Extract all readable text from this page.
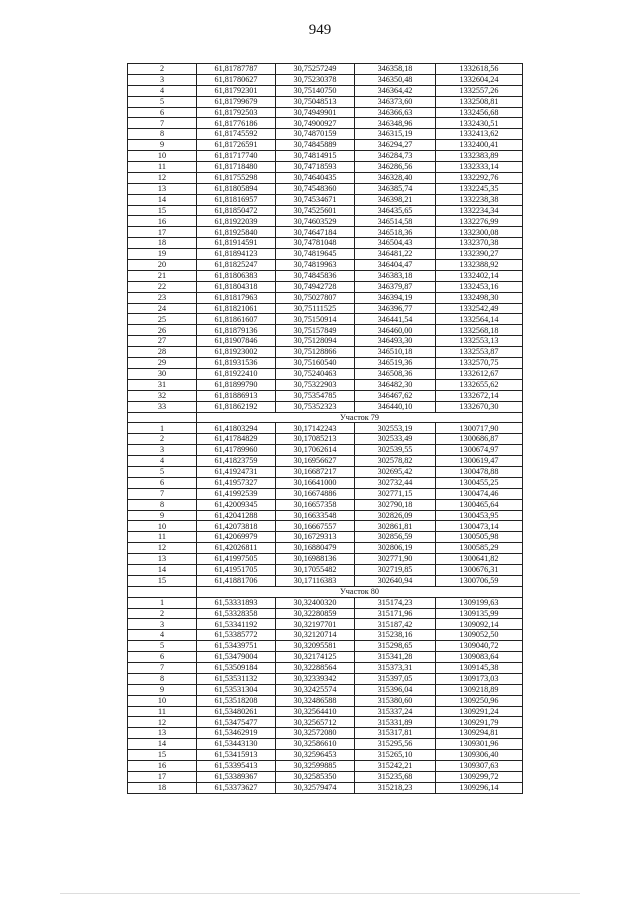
949
2	61,81787787	30,75257249	346358,18	1332618,56
3	61,81780627	30,75230378	346350,48	1332604,24
4	61,81792301	30,75140750	346364,42	1332557,26
5	61,81799679	30,75048513	346373,60	1332508,81
6	61,81792503	30,74949901	346366,63	1332456,68
7	61,81776186	30,74900927	346348,96	1332430,51
8	61,81745592	30,74870159	346315,19	1332413,62
9	61,81726591	30,74845889	346294,27	1332400,41
10	61,81717740	30,74814915	346284,73	1332383,89
11	61,81718480	30,74718593	346286,56	1332333,14
12	61,81755298	30,74640435	346328,40	1332292,76
13	61,81805894	30,74548360	346385,74	1332245,35
14	61,81816957	30,74534671	346398,21	1332238,38
15	61,81850472	30,74525601	346435,65	1332234,34
16	61,81922039	30,74603529	346514,58	1332276,99
17	61,81925840	30,74647184	346518,36	1332300,08
18	61,81914591	30,74781048	346504,43	1332370,38
19	61,81894123	30,74819645	346481,22	1332390,27
20	61,81825247	30,74819963	346404,47	1332388,92
21	61,81806383	30,74845836	346383,18	1332402,14
22	61,81804318	30,74942728	346379,87	1332453,16
23	61,81817963	30,75027807	346394,19	1332498,30
24	61,81821061	30,75111525	346396,77	1332542,49
25	61,81861607	30,75150914	346441,54	1332564,14
26	61,81879136	30,75157849	346460,00	1332568,18
27	61,81907846	30,75128094	346493,30	1332553,13
28	61,81923002	30,75128866	346510,18	1332553,87
29	61,81931536	30,75160540	346519,36	1332570,75
30	61,81922410	30,75240463	346508,36	1332612,67
31	61,81899790	30,75322903	346482,30	1332655,62
32	61,81886913	30,75354785	346467,62	1332672,14
33	61,81862192	30,75352323	346440,10	1332670,30
	Участок 79			
1	61,41803294	30,17142243	302553,19	1300717,90
2	61,41784829	30,17085213	302533,49	1300686,87
3	61,41789960	30,17062614	302539,55	1300674,97
4	61,41823759	30,16956627	302578,82	1300619,47
5	61,41924731	30,16687217	302695,42	1300478,88
6	61,41957327	30,16641000	302732,44	1300455,25
7	61,41992539	30,16674886	302771,15	1300474,46
8	61,42009345	30,16657358	302790,18	1300465,64
9	61,42041288	30,16633548	302826,09	1300453,95
10	61,42073818	30,16667557	302861,81	1300473,14
11	61,42069979	30,16729313	302856,59	1300505,98
12	61,42026811	30,16880479	302806,19	1300585,29
13	61,41997505	30,16988136	302771,90	1300641,82
14	61,41951705	30,17055482	302719,85	1300676,31
15	61,41881706	30,17116383	302640,94	1300706,59
	Участок 80			
1	61,53331893	30,32400320	315174,23	1309199,63
2	61,53328358	30,32280859	315171,96	1309135,99
3	61,53341192	30,32197701	315187,42	1309092,14
4	61,53385772	30,32120714	315238,16	1309052,50
5	61,53439751	30,32095581	315298,65	1309040,72
6	61,53479004	30,32174125	315341,28	1309083,64
7	61,53509184	30,32288564	315373,31	1309145,38
8	61,53531132	30,32339342	315397,05	1309173,03
9	61,53531304	30,32425574	315396,04	1309218,89
10	61,53518208	30,32486588	315380,60	1309250,96
11	61,53480261	30,32564410	315337,24	1309291,24
12	61,53475477	30,32565712	315331,89	1309291,79
13	61,53462919	30,32572080	315317,81	1309294,81
14	61,53443130	30,32586610	315295,56	1309301,96
15	61,53415913	30,32596453	315265,10	1309306,40
16	61,53395413	30,32599885	315242,21	1309307,63
17	61,53389367	30,32585350	315235,68	1309299,72
18	61,53373627	30,32579474	315218,23	1309296,14
